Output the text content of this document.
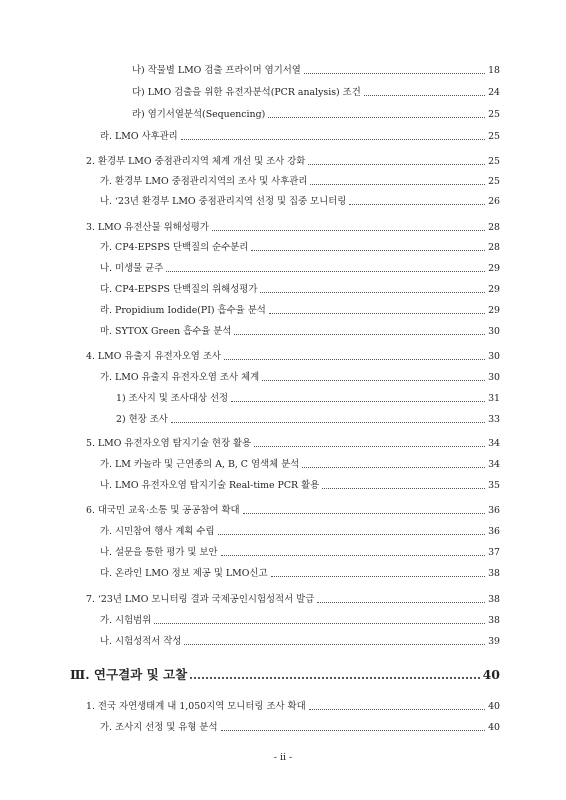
나) 작물별 LMO 검출 프라이머 염기서열	18
다) LMO 검출을 위한 유전자분석(PCR analysis) 조건	24
라) 염기서열분석(Sequencing)	25
라. LMO 사후관리	25
2. 환경부 LMO 중점관리지역 체계 개선 및 조사 강화	25
가. 환경부 LMO 중점관리지역의 조사 및 사후관리	25
나. ‘23년 환경부 LMO 중점관리지역 선정 및 집중 모니터링	26
3. LMO 유전산물 위해성평가	28
가. CP4-EPSPS 단백질의 순수분리	28
나. 미생물 균주	29
다. CP4-EPSPS 단백질의 위해성평가	29
라. Propidium Iodide(PI) 흡수율 분석	29
마. SYTOX Green 흡수율 분석	30
4. LMO 유출지 유전자오염 조사	30
가. LMO 유출지 유전자오염 조사 체계	30
1) 조사지 및 조사대상 선정	31
2) 현장 조사	33
5. LMO 유전자오염 탐지기술 현장 활용	34
가. LM 카놀라 및 근연종의 A, B, C 염색체 분석	34
나. LMO 유전자오염 탐지기술 Real-time PCR 활용	35
6. 대국민 교육·소통 및 공공참여 확대	36
가. 시민참여 행사 계획 수립	36
나. 설문을 통한 평가 및 보안	37
다. 온라인 LMO 정보 제공 및 LMO신고	38
7. ‘23년 LMO 모니터링 결과 국제공인시험성적서 발급	38
가. 시험범위	38
나. 시험성적서 작성	39
Ⅲ. 연구결과 및 고찰	40
1. 전국 자연생태계 내 1,050지역 모니터링 조사 확대	40
가. 조사지 선정 및 유형 분석	40
- ii -
